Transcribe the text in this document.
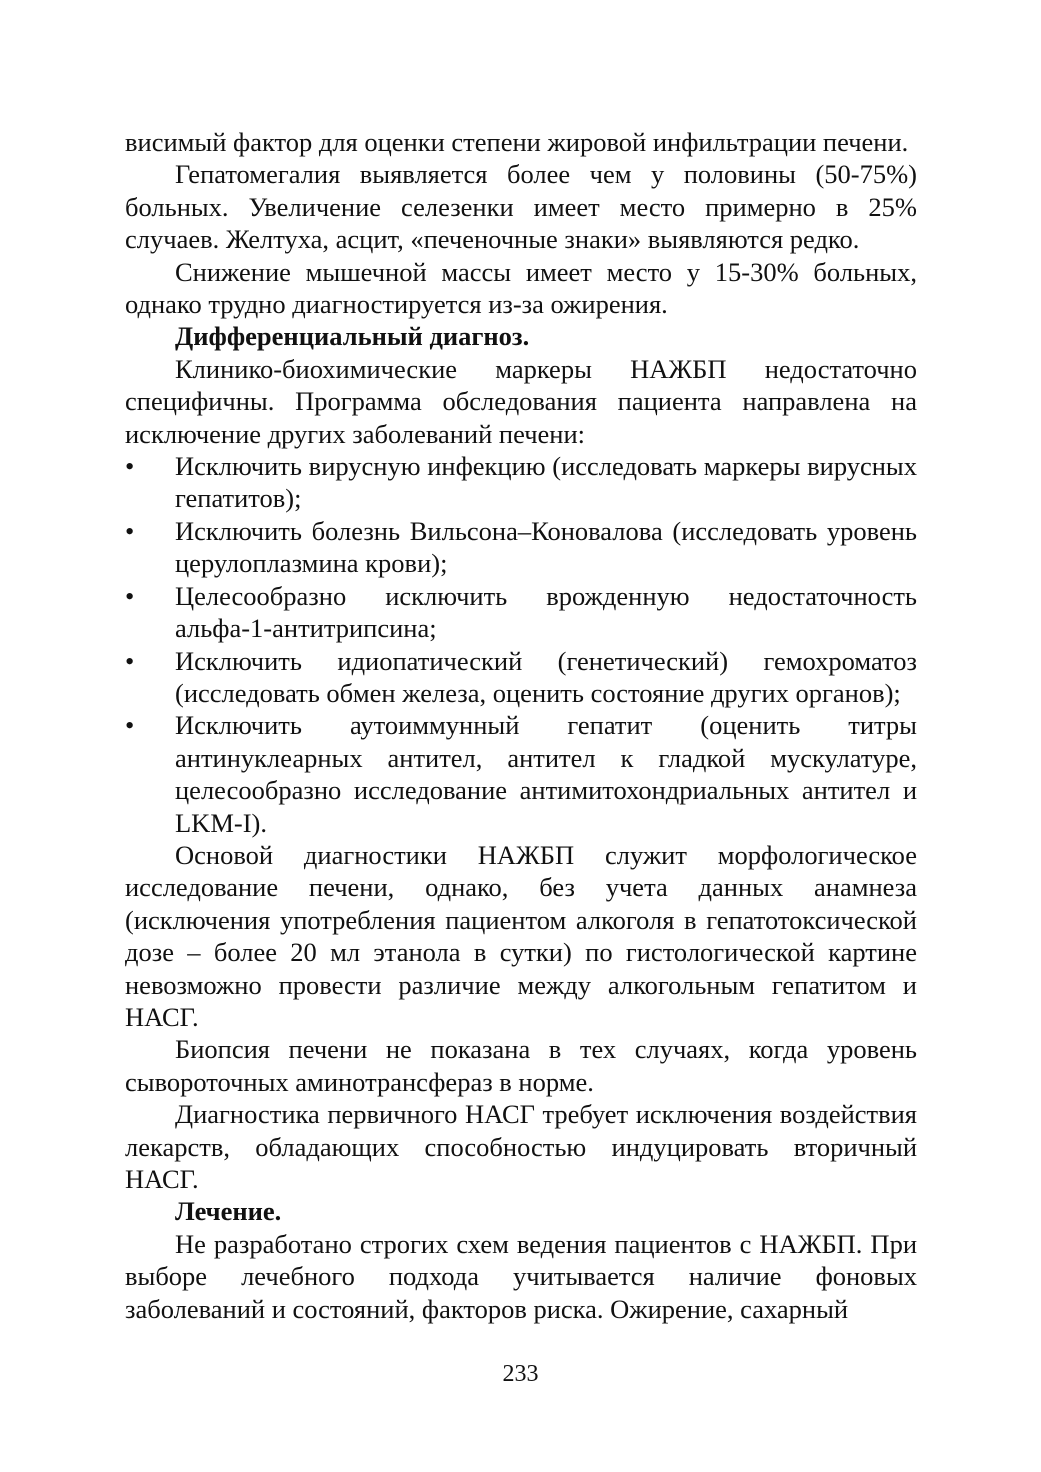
висимый фактор для оценки степени жировой инфильтрации печени.

Гепатомегалия выявляется более чем у половины (50-75%) больных. Увеличение селезенки имеет место примерно в 25% случаев. Желтуха, асцит, «печеночные знаки» выявляются редко.

Снижение мышечной массы имеет место у 15-30% больных, однако трудно диагностируется из-за ожирения.

Дифференциальный диагноз.

Клинико-биохимические маркеры НАЖБП недостаточно специфичны. Программа обследования пациента направлена на исключение других заболеваний печени:

• Исключить вирусную инфекцию (исследовать маркеры вирусных гепатитов);
• Исключить болезнь Вильсона–Коновалова (исследовать уровень церулоплазмина крови);
• Целесообразно исключить врожденную недостаточность альфа-1-антитрипсина;
• Исключить идиопатический (генетический) гемохроматоз (исследовать обмен железа, оценить состояние других органов);
• Исключить аутоиммунный гепатит (оценить титры антинуклеарных антител, антител к гладкой мускулатуре, целесообразно исследование антимитохондриальных антител и LKM-I).

Основой диагностики НАЖБП служит морфологическое исследование печени, однако, без учета данных анамнеза (исключения употребления пациентом алкоголя в гепатотоксической дозе – более 20 мл этанола в сутки) по гистологической картине невозможно провести различие между алкогольным гепатитом и НАСГ.

Биопсия печени не показана в тех случаях, когда уровень сывороточных аминотрансфераз в норме.

Диагностика первичного НАСГ требует исключения воздействия лекарств, обладающих способностью индуцировать вторичный НАСГ.

Лечение.

Не разработано строгих схем ведения пациентов с НАЖБП. При выборе лечебного подхода учитывается наличие фоновых заболеваний и состояний, факторов риска. Ожирение, сахарный

233
